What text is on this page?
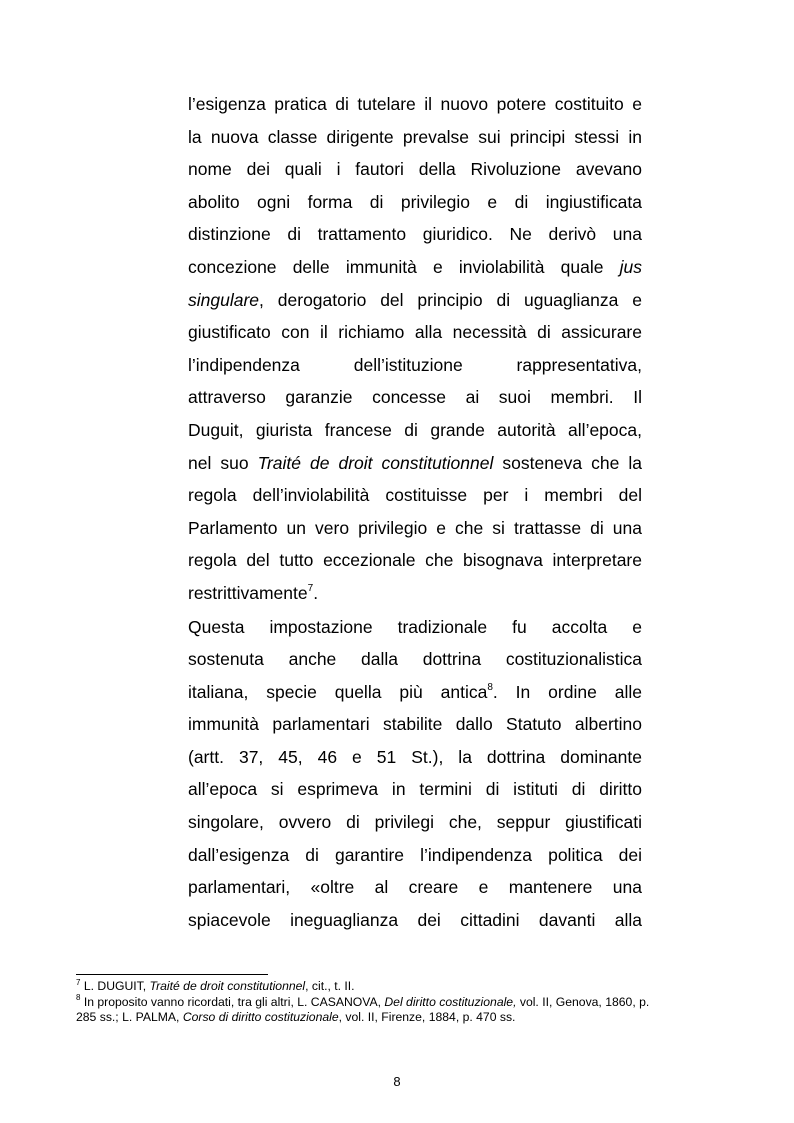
l’esigenza pratica di tutelare il nuovo potere costituito e
la nuova classe dirigente prevalse sui principi stessi in
nome dei quali i fautori della Rivoluzione avevano
abolito ogni forma di privilegio e di ingiustificata
distinzione di trattamento giuridico. Ne derivò una
concezione delle immunità e inviolabilità quale jus
singulare, derogatorio del principio di uguaglianza e
giustificato con il richiamo alla necessità di assicurare
l’indipendenza dell’istituzione rappresentativa,
attraverso garanzie concesse ai suoi membri. Il
Duguit, giurista francese di grande autorità all’epoca,
nel suo Traité de droit constitutionnel sosteneva che la
regola dell’inviolabilità costituisse per i membri del
Parlamento un vero privilegio e che si trattasse di una
regola del tutto eccezionale che bisognava interpretare
restrittivamente$^7$.
Questa impostazione tradizionale fu accolta e
sostenuta anche dalla dottrina costituzionalistica
italiana, specie quella più antica$^8$. In ordine alle
immunità parlamentari stabilite dallo Statuto albertino
(artt. 37, 45, 46 e 51 St.), la dottrina dominante
all’epoca si esprimeva in termini di istituti di diritto
singolare, ovvero di privilegi che, seppur giustificati
dall’esigenza di garantire l’indipendenza politica dei
parlamentari, «oltre al creare e mantenere una
spiacevole ineguaglianza dei cittadini davanti alla
$^7$ L. DUGUIT, Traité de droit constitutionnel, cit., t. II.
$^8$ In proposito vanno ricordati, tra gli altri, L. CASANOVA, Del diritto costituzionale, vol. II, Genova, 1860, p.
285 ss.; L. PALMA, Corso di diritto costituzionale, vol. II, Firenze, 1884, p. 470 ss.
8
